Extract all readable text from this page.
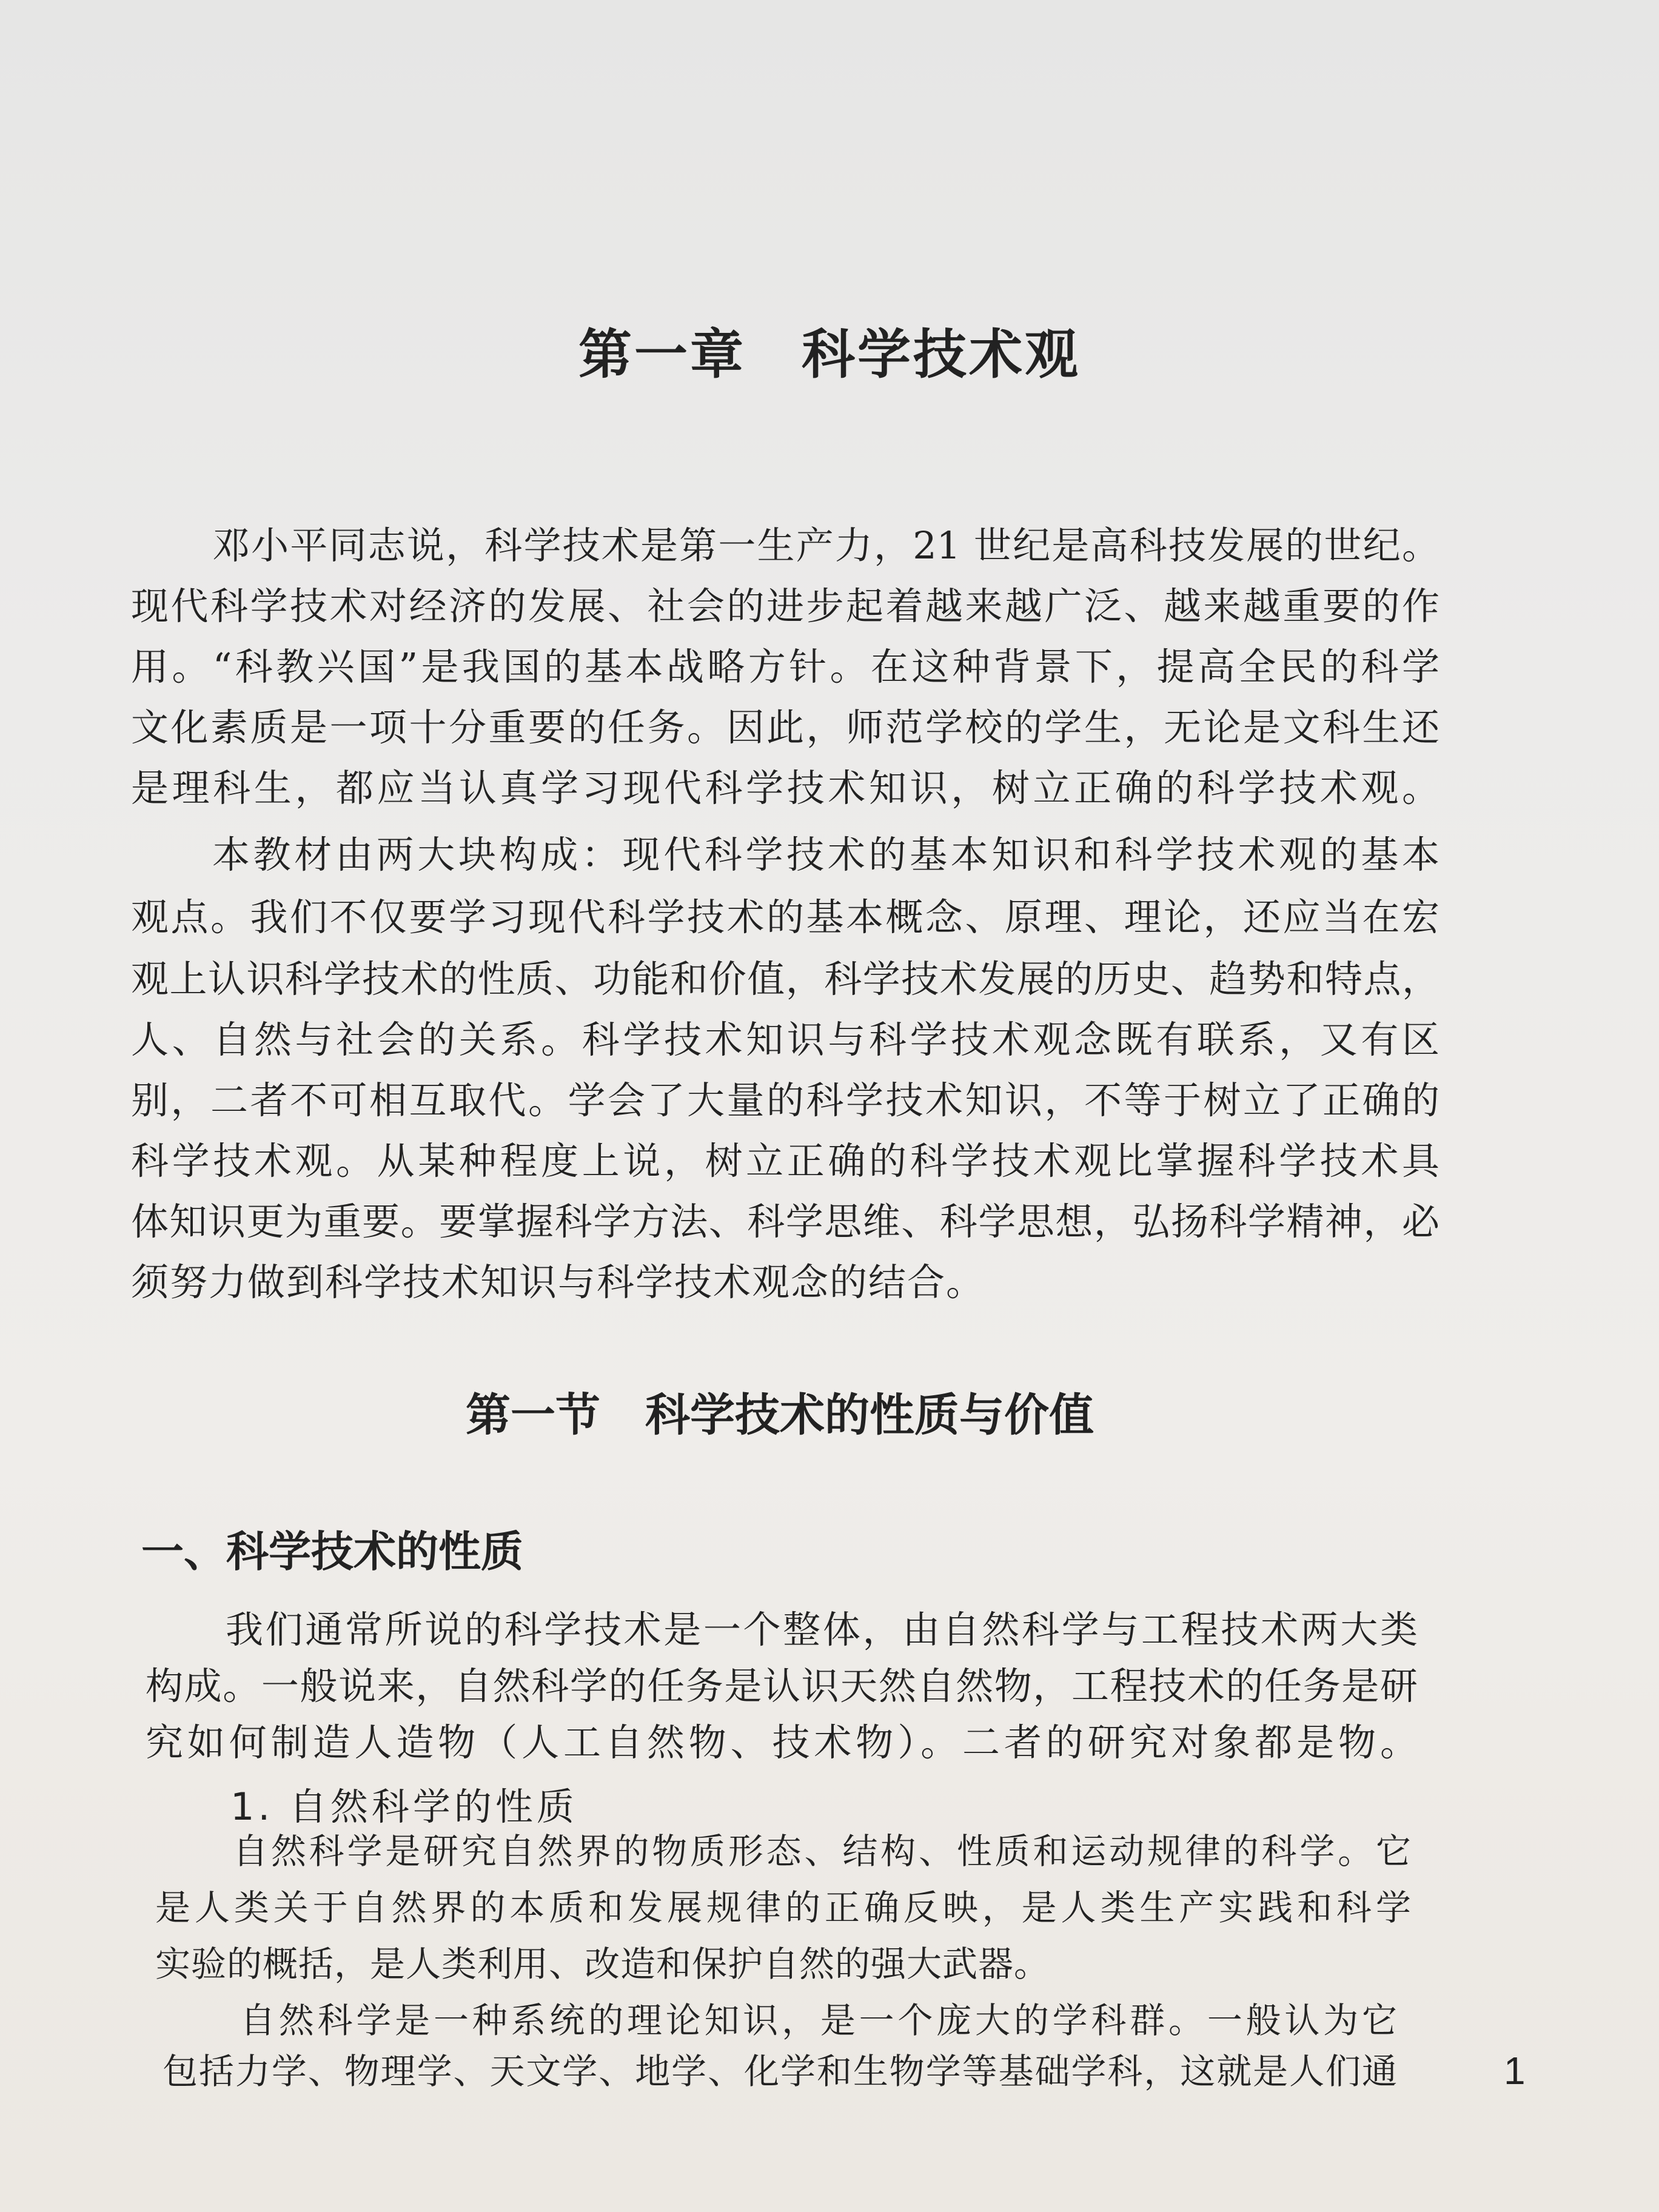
第一章　科学技术观
邓小平同志说，科学技术是第一生产力，21 世纪是高科技发展的世纪。
现代科学技术对经济的发展、社会的进步起着越来越广泛、越来越重要的作
用。“科教兴国”是我国的基本战略方针。在这种背景下，提高全民的科学
文化素质是一项十分重要的任务。因此，师范学校的学生，无论是文科生还
是理科生，都应当认真学习现代科学技术知识，树立正确的科学技术观。
本教材由两大块构成：现代科学技术的基本知识和科学技术观的基本
观点。我们不仅要学习现代科学技术的基本概念、原理、理论，还应当在宏
观上认识科学技术的性质、功能和价值，科学技术发展的历史、趋势和特点，
人、自然与社会的关系。科学技术知识与科学技术观念既有联系，又有区
别，二者不可相互取代。学会了大量的科学技术知识，不等于树立了正确的
科学技术观。从某种程度上说，树立正确的科学技术观比掌握科学技术具
体知识更为重要。要掌握科学方法、科学思维、科学思想，弘扬科学精神，必
须努力做到科学技术知识与科学技术观念的结合。
第一节　科学技术的性质与价值
一、科学技术的性质
我们通常所说的科学技术是一个整体，由自然科学与工程技术两大类
构成。一般说来，自然科学的任务是认识天然自然物，工程技术的任务是研
究如何制造人造物（人工自然物、技术物）。二者的研究对象都是物。
1. 自然科学的性质
自然科学是研究自然界的物质形态、结构、性质和运动规律的科学。它
是人类关于自然界的本质和发展规律的正确反映，是人类生产实践和科学
实验的概括，是人类利用、改造和保护自然的强大武器。
自然科学是一种系统的理论知识，是一个庞大的学科群。一般认为它
包括力学、物理学、天文学、地学、化学和生物学等基础学科，这就是人们通	1
